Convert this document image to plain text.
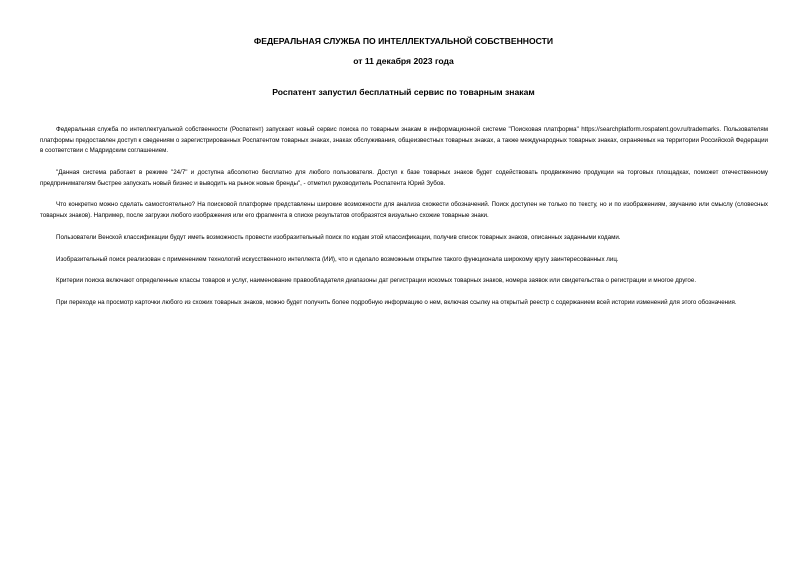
ФЕДЕРАЛЬНАЯ СЛУЖБА ПО ИНТЕЛЛЕКТУАЛЬНОЙ СОБСТВЕННОСТИ
от 11 декабря 2023 года
Роспатент запустил бесплатный сервис по товарным знакам

Федеральная служба по интеллектуальной собственности (Роспатент) запускает новый сервис поиска по товарным знакам в информационной системе "Поисковая платформа" https://searchplatform.rospatent.gov.ru/trademarks. Пользователям платформы предоставлен доступ к сведениям о зарегистрированных Роспатентом товарных знаках, знаках обслуживания, общеизвестных товарных знаках, а также международных товарных знаках, охраняемых на территории Российской Федерации в соответствии с Мадридским соглашением.

"Данная система работает в режиме "24/7" и доступна абсолютно бесплатно для любого пользователя. Доступ к базе товарных знаков будет содействовать продвижению продукции на торговых площадках, поможет отечественному предпринимателям быстрее запускать новый бизнес и выводить на рынок новые бренды", - отметил руководитель Роспатента Юрий Зубов.

Что конкретно можно сделать самостоятельно? На поисковой платформе представлены широкие возможности для анализа схожести обозначений. Поиск доступен не только по тексту, но и по изображениям, звучанию или смыслу (словесных товарных знаков). Например, после загрузки любого изображения или его фрагмента в списке результатов отобразятся визуально схожие товарные знаки.

Пользователи Венской классификации будут иметь возможность провести изобразительный поиск по кодам этой классификации, получив список товарных знаков, описанных заданными кодами.

Изобразительный поиск реализован с применением технологий искусственного интеллекта (ИИ), что и сделало возможным открытие такого функционала широкому кругу заинтересованных лиц.

Критерии поиска включают определенные классы товаров и услуг, наименование правообладателя диапазоны дат регистрации искомых товарных знаков, номера заявок или свидетельства о регистрации и многое другое.

При переходе на просмотр карточки любого из схожих товарных знаков, можно будет получить более подробную информацию о нем, включая ссылку на открытый реестр с содержанием всей истории изменений для этого обозначения.
